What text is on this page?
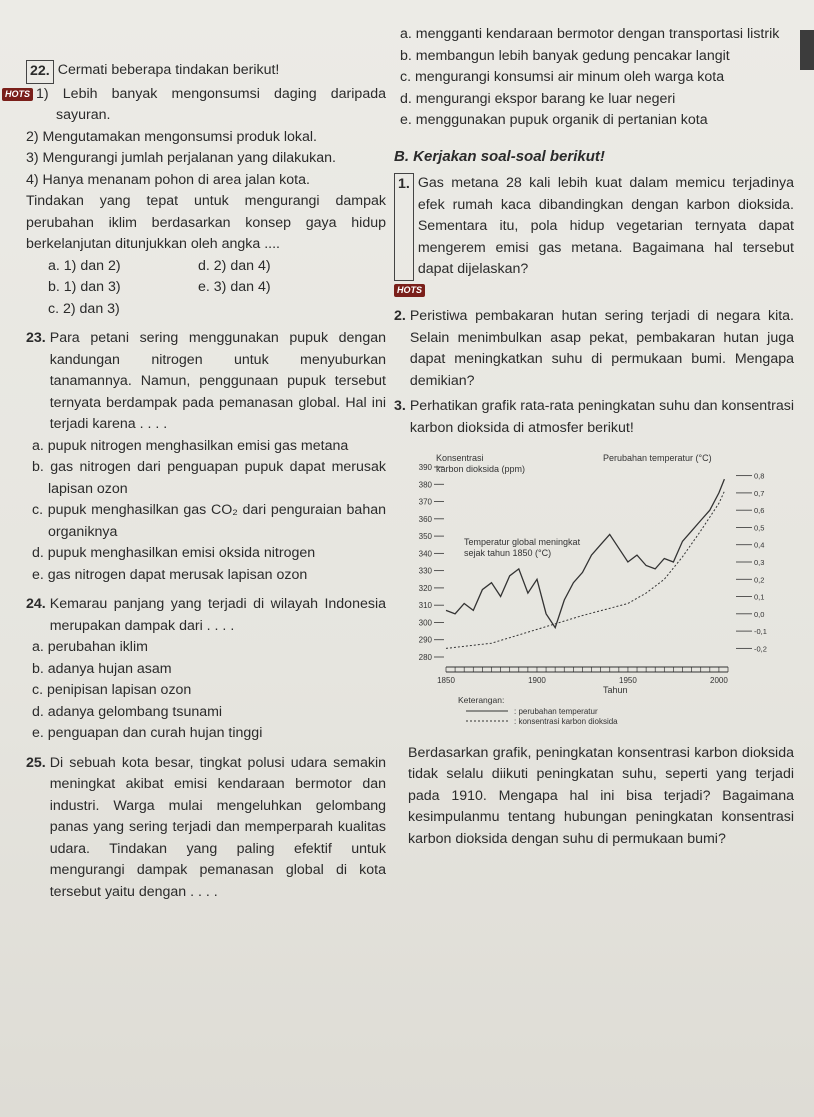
22. Cermati beberapa tindakan berikut!
HOTS 1) Lebih banyak mengonsumsi daging daripada sayuran.
2) Mengutamakan mengonsumsi produk lokal.
3) Mengurangi jumlah perjalanan yang dilakukan.
4) Hanya menanam pohon di area jalan kota.
Tindakan yang tepat untuk mengurangi dampak perubahan iklim berdasarkan konsep gaya hidup berkelanjutan ditunjukkan oleh angka ....
a. 1) dan 2)	d. 2) dan 4)
b. 1) dan 3)	e. 3) dan 4)
c. 2) dan 3)
23. Para petani sering menggunakan pupuk dengan kandungan nitrogen untuk menyuburkan tanamannya. Namun, penggunaan pupuk tersebut ternyata berdampak pada pemanasan global. Hal ini terjadi karena . . . .
a. pupuk nitrogen menghasilkan emisi gas metana
b. gas nitrogen dari penguapan pupuk dapat merusak lapisan ozon
c. pupuk menghasilkan gas CO₂ dari penguraian bahan organiknya
d. pupuk menghasilkan emisi oksida nitrogen
e. gas nitrogen dapat merusak lapisan ozon
24. Kemarau panjang yang terjadi di wilayah Indonesia merupakan dampak dari . . . .
a. perubahan iklim
b. adanya hujan asam
c. penipisan lapisan ozon
d. adanya gelombang tsunami
e. penguapan dan curah hujan tinggi
25. Di sebuah kota besar, tingkat polusi udara semakin meningkat akibat emisi kendaraan bermotor dan industri. Warga mulai mengeluhkan gelombang panas yang sering terjadi dan memperparah kualitas udara. Tindakan yang paling efektif untuk mengurangi dampak pemanasan global di kota tersebut yaitu dengan . . . .
a. mengganti kendaraan bermotor dengan transportasi listrik
b. membangun lebih banyak gedung pencakar langit
c. mengurangi konsumsi air minum oleh warga kota
d. mengurangi ekspor barang ke luar negeri
e. menggunakan pupuk organik di pertanian kota
B. Kerjakan soal-soal berikut!
1. Gas metana 28 kali lebih kuat dalam memicu terjadinya efek rumah kaca dibandingkan dengan karbon dioksida. Sementara itu, pola hidup vegetarian ternyata dapat mengerem emisi gas metana. Bagaimana hal tersebut dapat dijelaskan?
HOTS
2. Peristiwa pembakaran hutan sering terjadi di negara kita. Selain menimbulkan asap pekat, pembakaran hutan juga dapat meningkatkan suhu di permukaan bumi. Mengapa demikian?
3. Perhatikan grafik rata-rata peningkatan suhu dan konsentrasi karbon dioksida di atmosfer berikut!
280
290
300
310
320
330
340
350
360
370
380
390
0,8
0,7
0,6
0,5
0,4
0,3
0,2
0,1
0,0
-0,1
-0,2
1850	1900	1950	2000
Konsentrasi
karbon dioksida (ppm)
Perubahan temperatur (°C)
Temperatur global meningkat
sejak tahun 1850 (°C)
Tahun
Keterangan:
: perubahan temperatur
: konsentrasi karbon dioksida
Berdasarkan grafik, peningkatan konsentrasi karbon dioksida tidak selalu diikuti peningkatan suhu, seperti yang terjadi pada 1910. Mengapa hal ini bisa terjadi? Bagaimana kesimpulanmu tentang hubungan peningkatan konsentrasi karbon dioksida dengan suhu di permukaan bumi?
